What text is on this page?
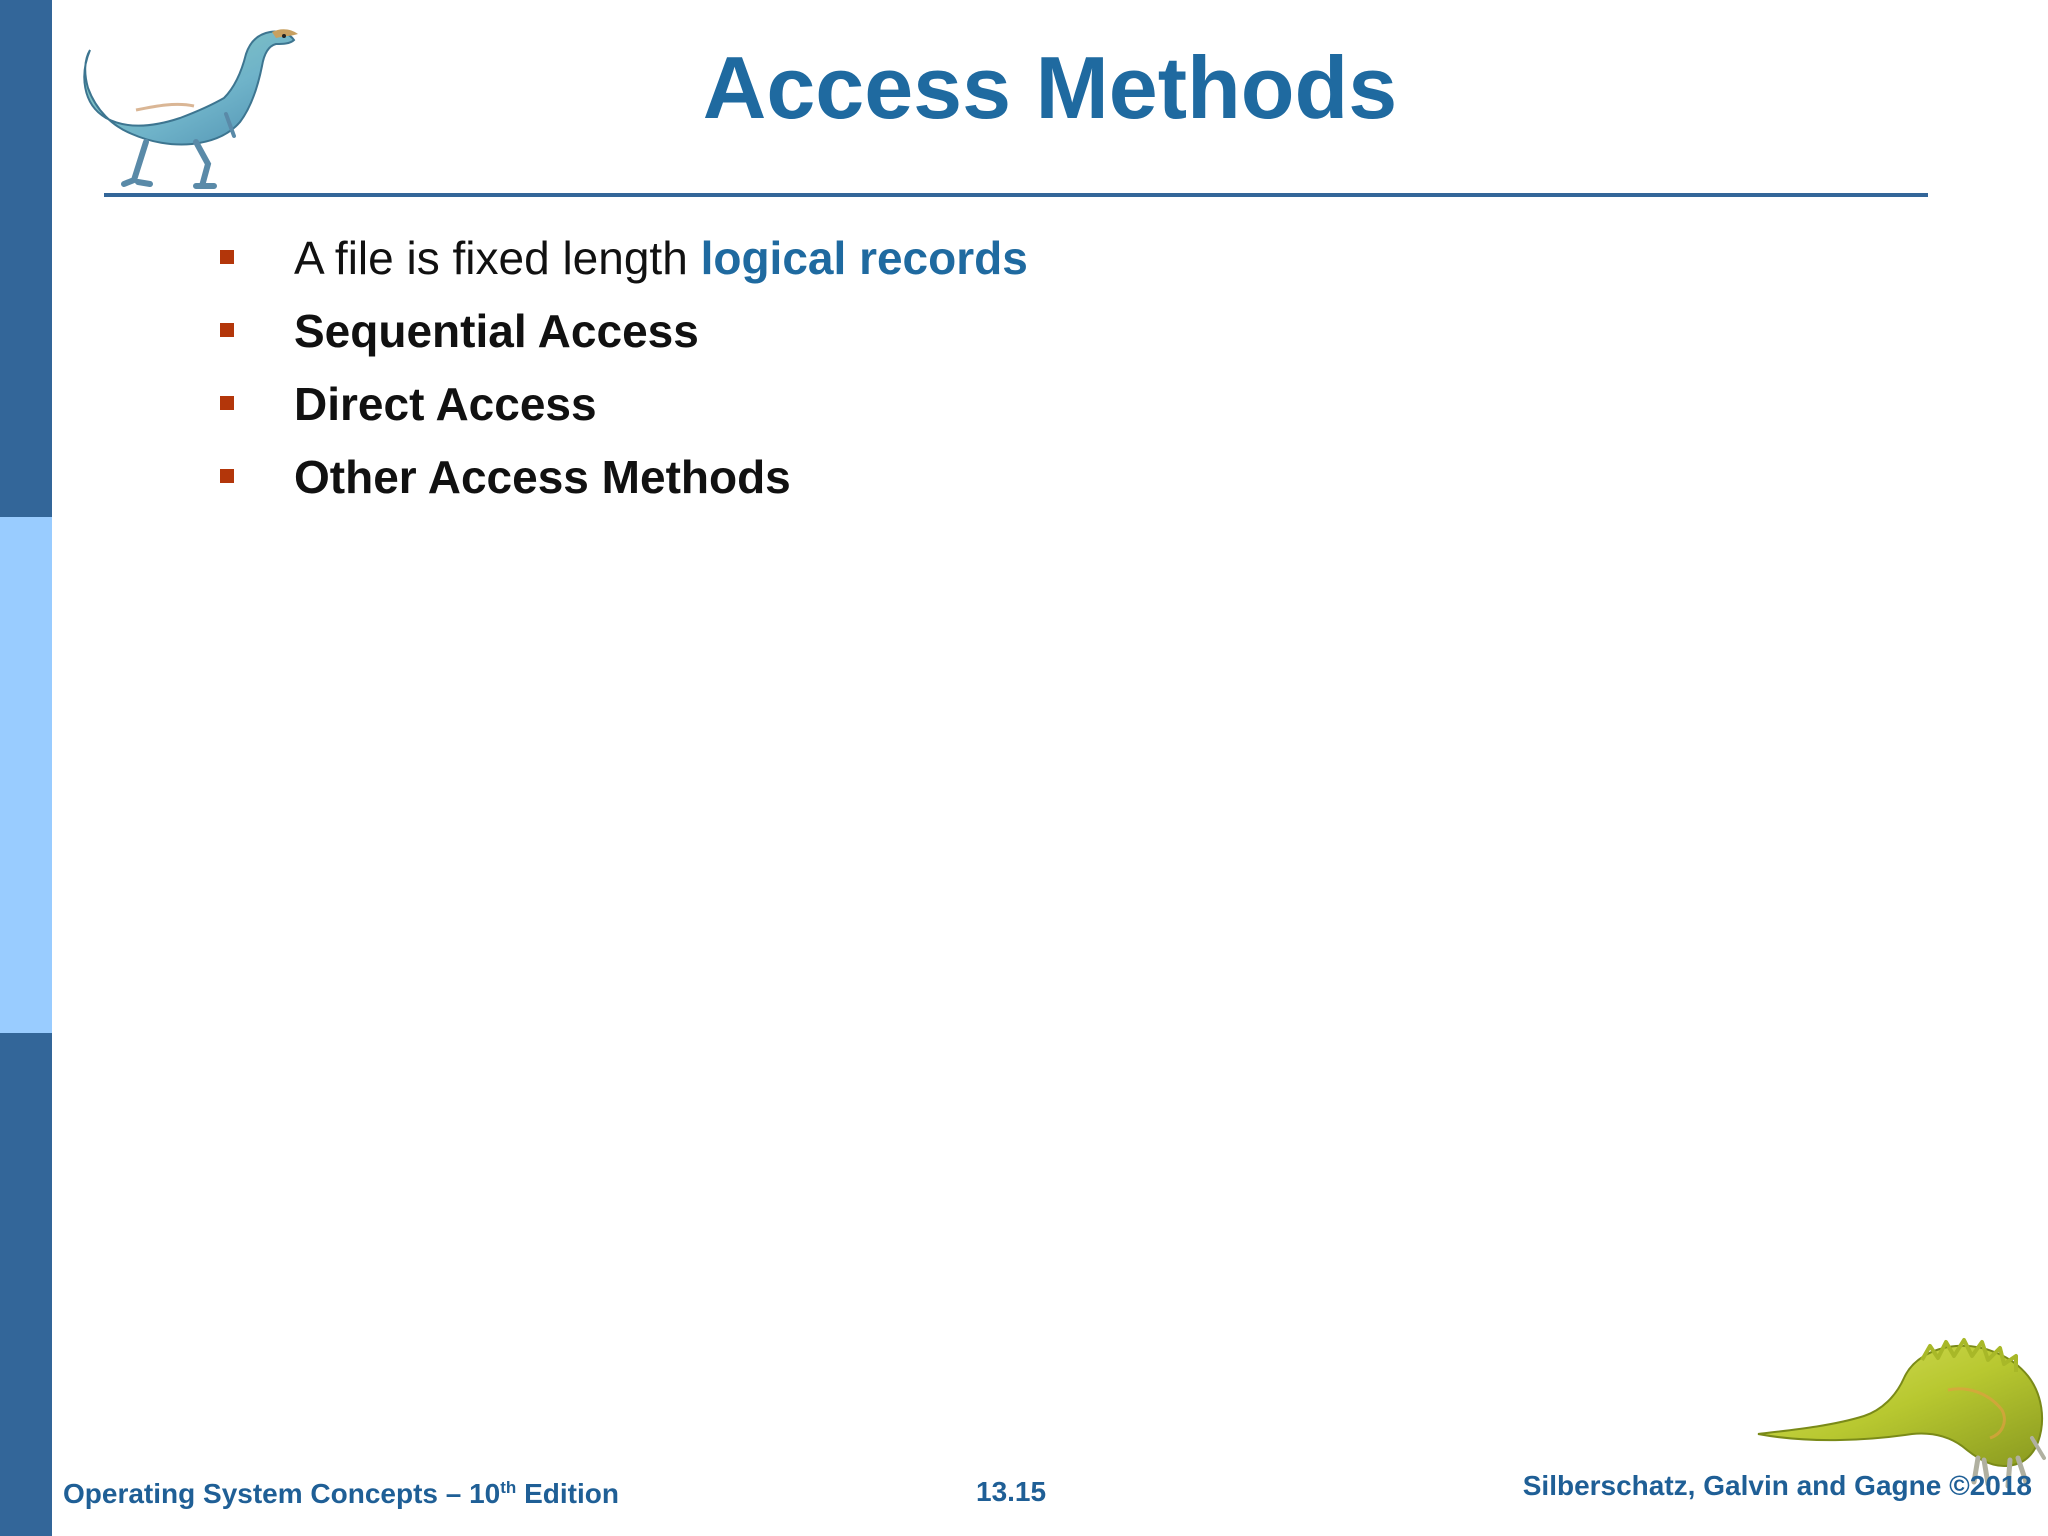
Access Methods
A file is fixed length logical records
Sequential Access
Direct Access
Other Access Methods
Operating System Concepts – 10th Edition	13.15	Silberschatz, Galvin and Gagne ©2018
